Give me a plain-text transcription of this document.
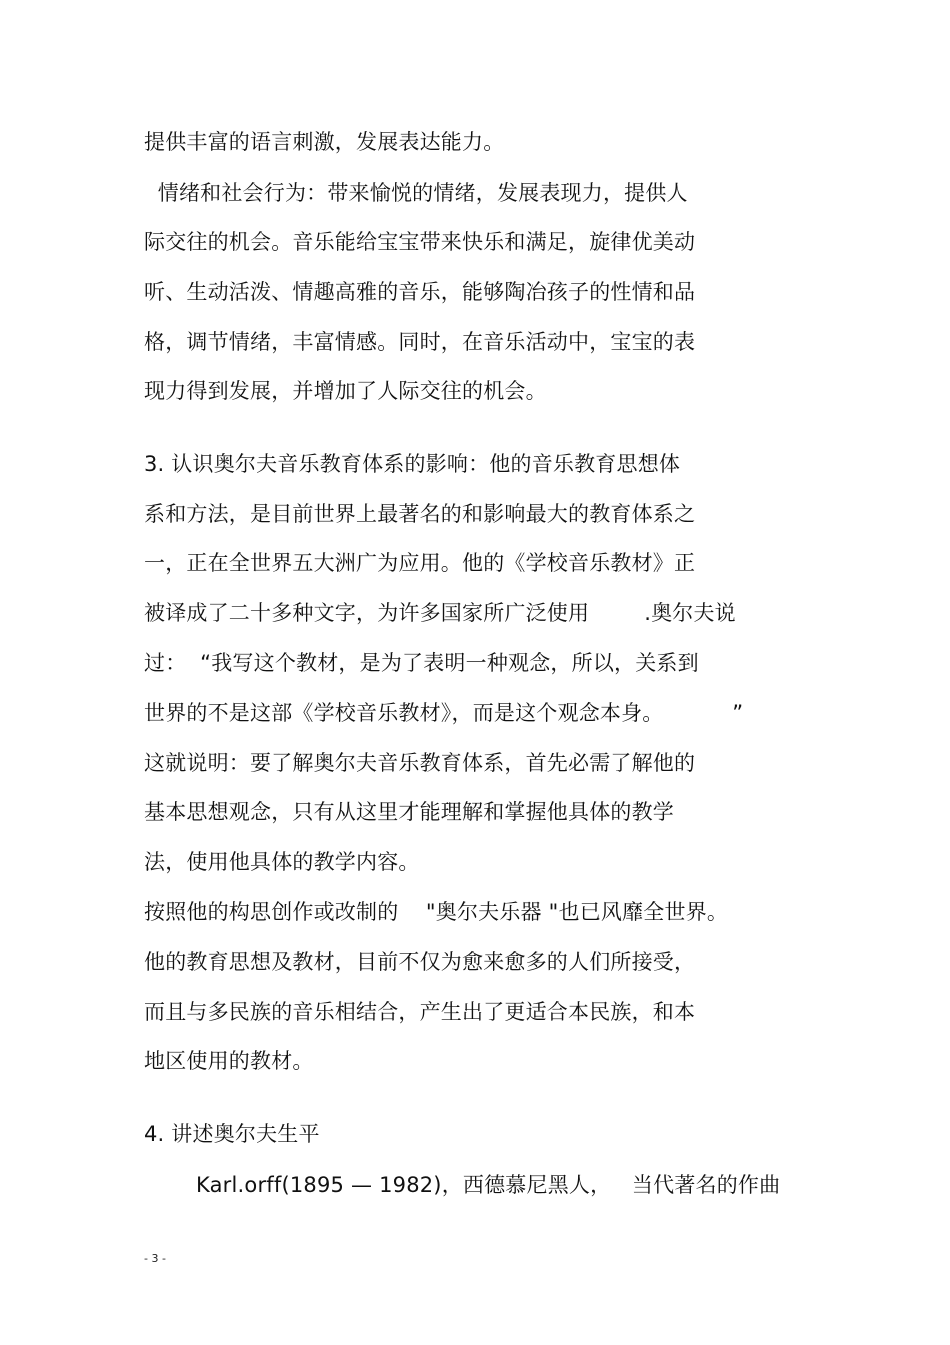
提供丰富的语言刺激，发展表达能力。
情绪和社会行为：带来愉悦的情绪，发展表现力，提供人
际交往的机会。音乐能给宝宝带来快乐和满足，旋律优美动
听、生动活泼、情趣高雅的音乐，能够陶冶孩子的性情和品
格，调节情绪，丰富情感。同时，在音乐活动中，宝宝的表
现力得到发展，并增加了人际交往的机会。
3. 认识奥尔夫音乐教育体系的影响：他的音乐教育思想体
系和方法，是目前世界上最著名的和影响最大的教育体系之
一，正在全世界五大洲广为应用。他的《学校音乐教材》正
被译成了二十多种文字，为许多国家所广泛使用        .奥尔夫说
过：  “我写这个教材，是为了表明一种观念，所以，关系到
世界的不是这部《学校音乐教材》，而是这个观念本身。          ”
这就说明：要了解奥尔夫音乐教育体系，首先必需了解他的
基本思想观念，只有从这里才能理解和掌握他具体的教学
法，使用他具体的教学内容。
按照他的构思创作或改制的    "奥尔夫乐器 "也已风靡全世界。
他的教育思想及教材，目前不仅为愈来愈多的人们所接受，
而且与多民族的音乐相结合，产生出了更适合本民族，和本
地区使用的教材。
4. 讲述奥尔夫生平
Karl.orff(1895 — 1982)，西德慕尼黑人，   当代著名的作曲
- 3 -
